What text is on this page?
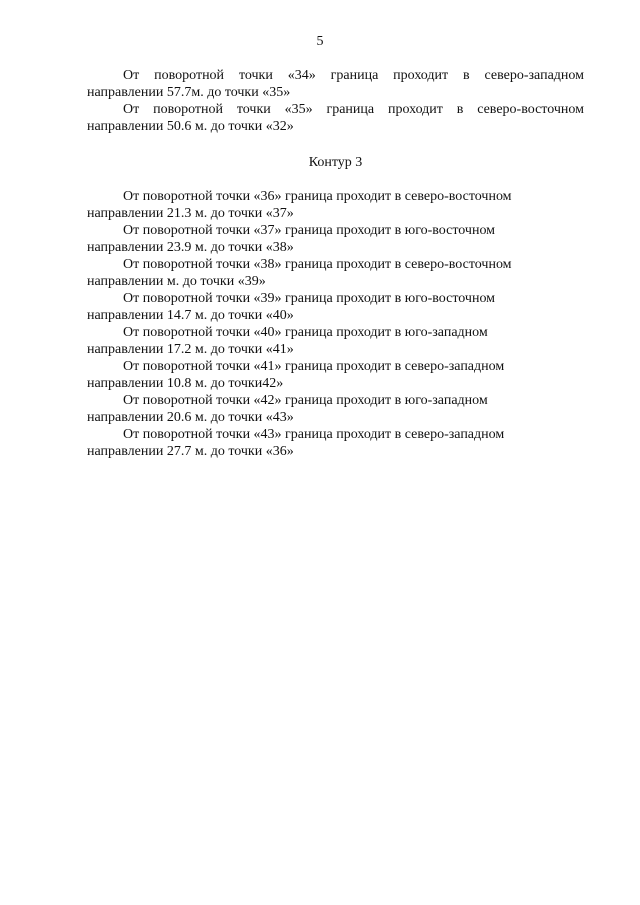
5
От поворотной точки «34» граница проходит в северо-западном
направлении 57.7м. до точки «35»
От поворотной точки «35» граница проходит в северо-восточном
направлении 50.6 м. до точки «32»
Контур 3
От поворотной точки «36» граница проходит в северо-восточном
направлении 21.3 м. до точки «37»
От поворотной точки «37» граница проходит в юго-восточном
направлении 23.9 м. до точки «38»
От поворотной точки «38» граница проходит в северо-восточном
направлении м. до точки «39»
От поворотной точки «39» граница проходит в юго-восточном
направлении 14.7 м. до точки «40»
От поворотной точки «40» граница проходит в юго-западном
направлении 17.2 м. до точки «41»
От поворотной точки «41» граница проходит в северо-западном
направлении 10.8 м. до точки42»
От поворотной точки «42» граница проходит в юго-западном
направлении 20.6 м. до точки «43»
От поворотной точки «43» граница проходит в северо-западном
направлении 27.7 м. до точки «36»
